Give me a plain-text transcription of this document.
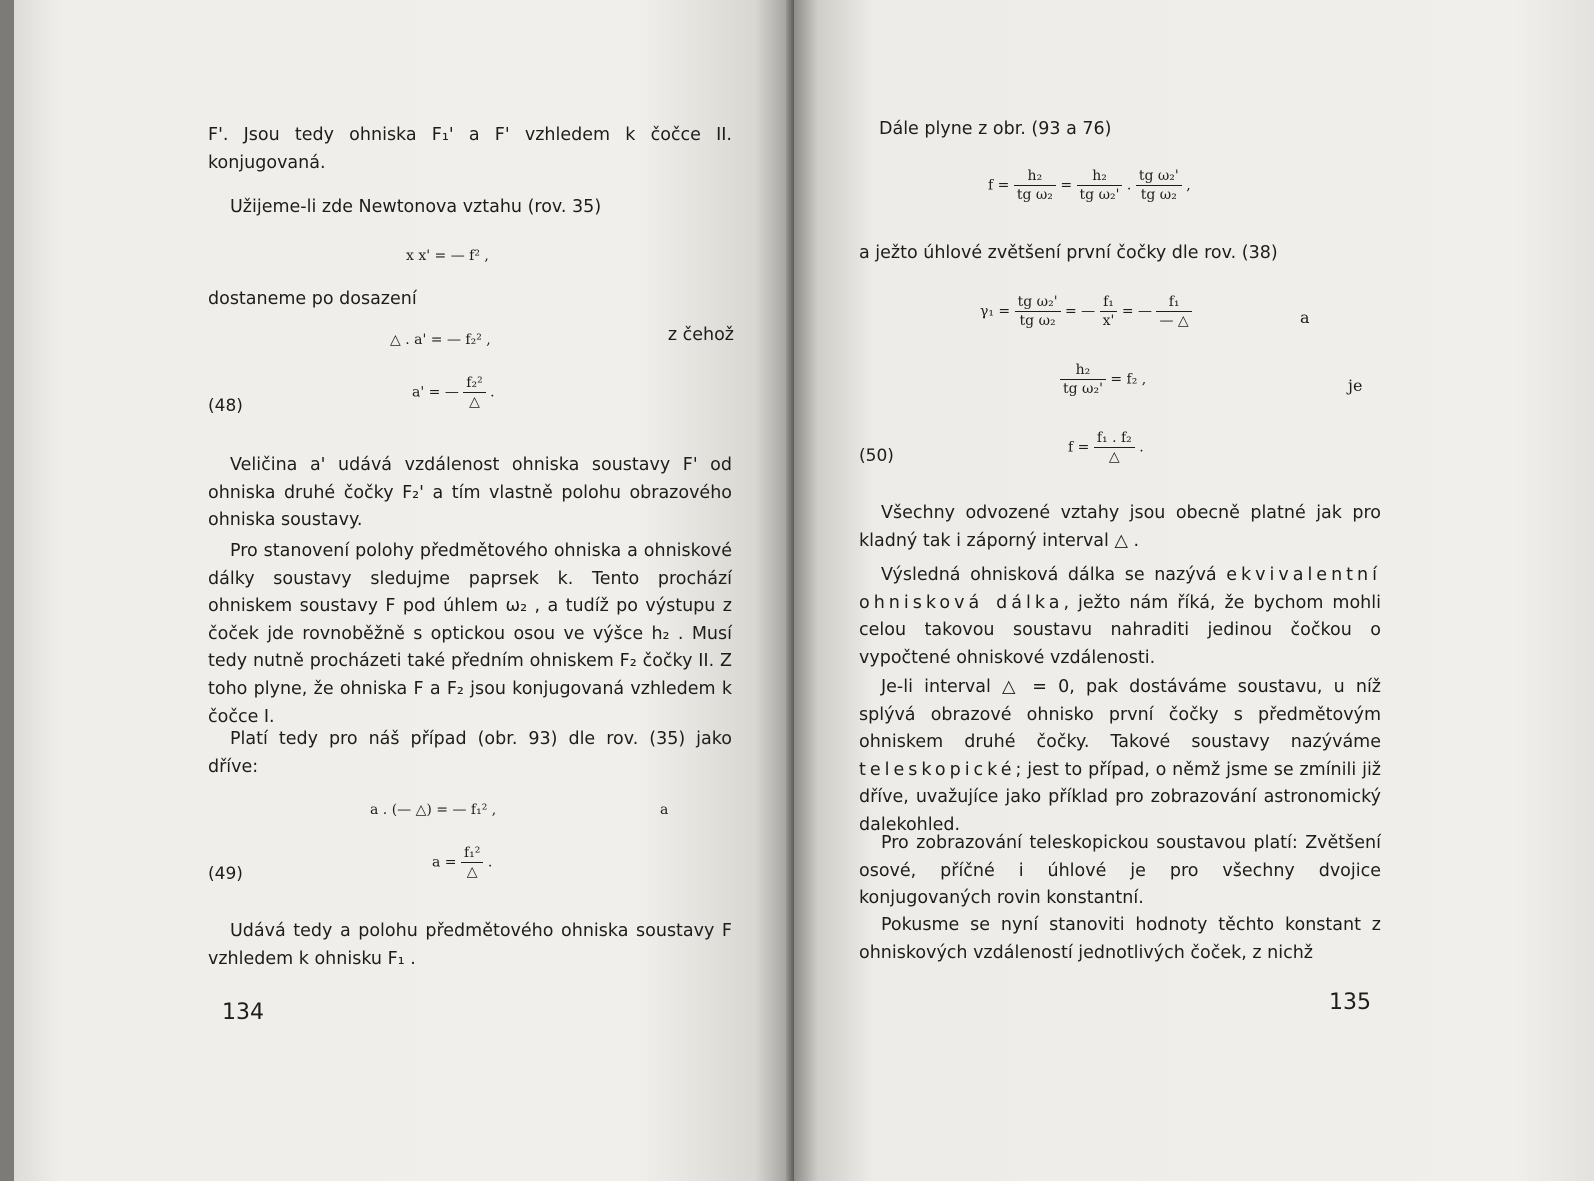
F'. Jsou tedy ohniska F₁' a F' vzhledem k čočce II. konjugovaná.

Užijeme-li zde Newtonova vztahu (rov. 35)

x x' = — f² ,

dostaneme po dosazení

△ . a' = — f₂² ,	z čehož
(48)
a' = — $\frac{\text{f₂²}}{\triangle}$ .

Veličina a' udává vzdálenost ohniska soustavy F' od ohniska druhé čočky F₂' a tím vlastně polohu obrazového ohniska soustavy.

Pro stanovení polohy předmětového ohniska a ohniskové dálky soustavy sledujme paprsek k. Tento prochází ohniskem soustavy F pod úhlem ω₂ , a tudíž po výstupu z čoček jde rovnoběžně s optickou osou ve výšce h₂ . Musí tedy nutně procházeti také předním ohniskem F₂ čočky II. Z toho plyne, že ohniska F a F₂ jsou konjugovaná vzhledem k čočce I.

Platí tedy pro náš případ (obr. 93) dle rov. (35) jako dříve:

a . (— △) = — f₁² ,	a
(49)
$a = \frac{\text{f₁²}}{\triangle}$ .

Udává tedy a polohu předmětového ohniska soustavy F vzhledem k ohnisku F₁ .

134
Dále plyne z obr. (93 a 76)
$f = \frac{\text{h₂}}{\text{tg ω₂}} = \frac{\text{h₂}}{\text{tg ω₂'}}$ . $\frac{\text{tg ω₂'}}{\text{tg ω₂}}$ ,
a ježto úhlové zvětšení první čočky dle rov. (38)
$\gamma_1 = \frac{\text{tg ω₂'}}{\text{tg ω₂}}$ = — $\frac{\text{f₁}}{x'}$ = — $\frac{\text{f₁}}{— \triangle}$	a
$\frac{\text{h₂}}{\text{tg ω₂'}} = f_2$ ,	je
(50)	$f = \frac{\text{f₁ . f₂}}{\triangle}$ .

Všechny odvozené vztahy jsou obecně platné jak pro kladný tak i záporný interval △ .

Výsledná ohnisková dálka se nazývá ekvivalentní ohnisková dálka, ježto nám říká, že bychom mohli celou takovou soustavu nahraditi jedinou čočkou o vypočtené ohniskové vzdálenosti.

Je-li interval △ = 0, pak dostáváme soustavu, u níž splývá obrazové ohnisko první čočky s předmětovým ohniskem druhé čočky. Takové soustavy nazýváme teleskopické; jest to případ, o němž jsme se zmínili již dříve, uvažujíce jako příklad pro zobrazování astronomický dalekohled.

Pro zobrazování teleskopickou soustavou platí: Zvětšení osové, příčné i úhlové je pro všechny dvojice konjugovaných rovin konstantní.

Pokusme se nyní stanoviti hodnoty těchto konstant z ohniskových vzdáleností jednotlivých čoček, z nichž

135
